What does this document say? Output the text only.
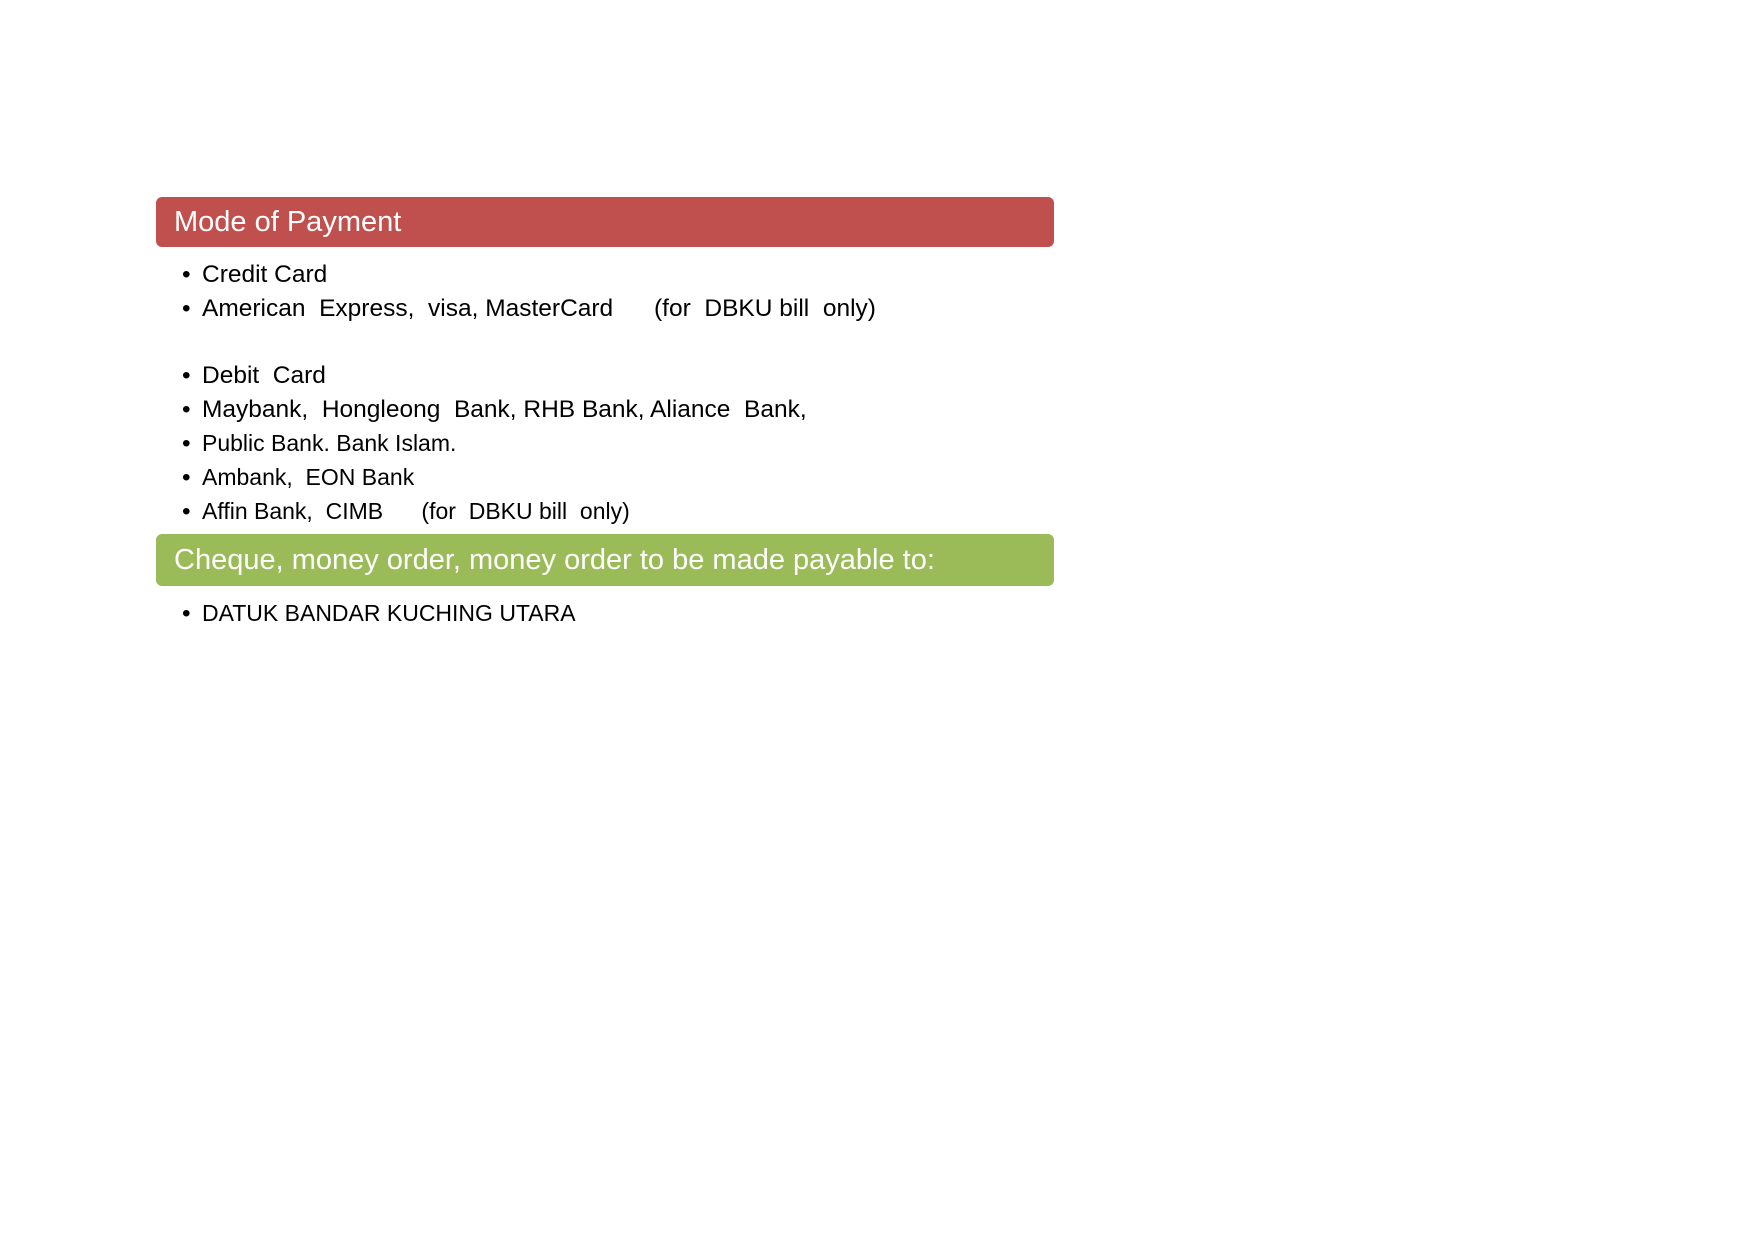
Mode of Payment
• Credit Card
• American  Express,  visa, MasterCard      (for  DBKU bill  only)
• Debit  Card
• Maybank,  Hongleong  Bank, RHB Bank, Aliance  Bank,
• Public Bank. Bank Islam.
• Ambank,  EON Bank
• Affin Bank,  CIMB      (for  DBKU bill  only)
Cheque, money order, money order to be made payable to:
• DATUK BANDAR KUCHING UTARA
